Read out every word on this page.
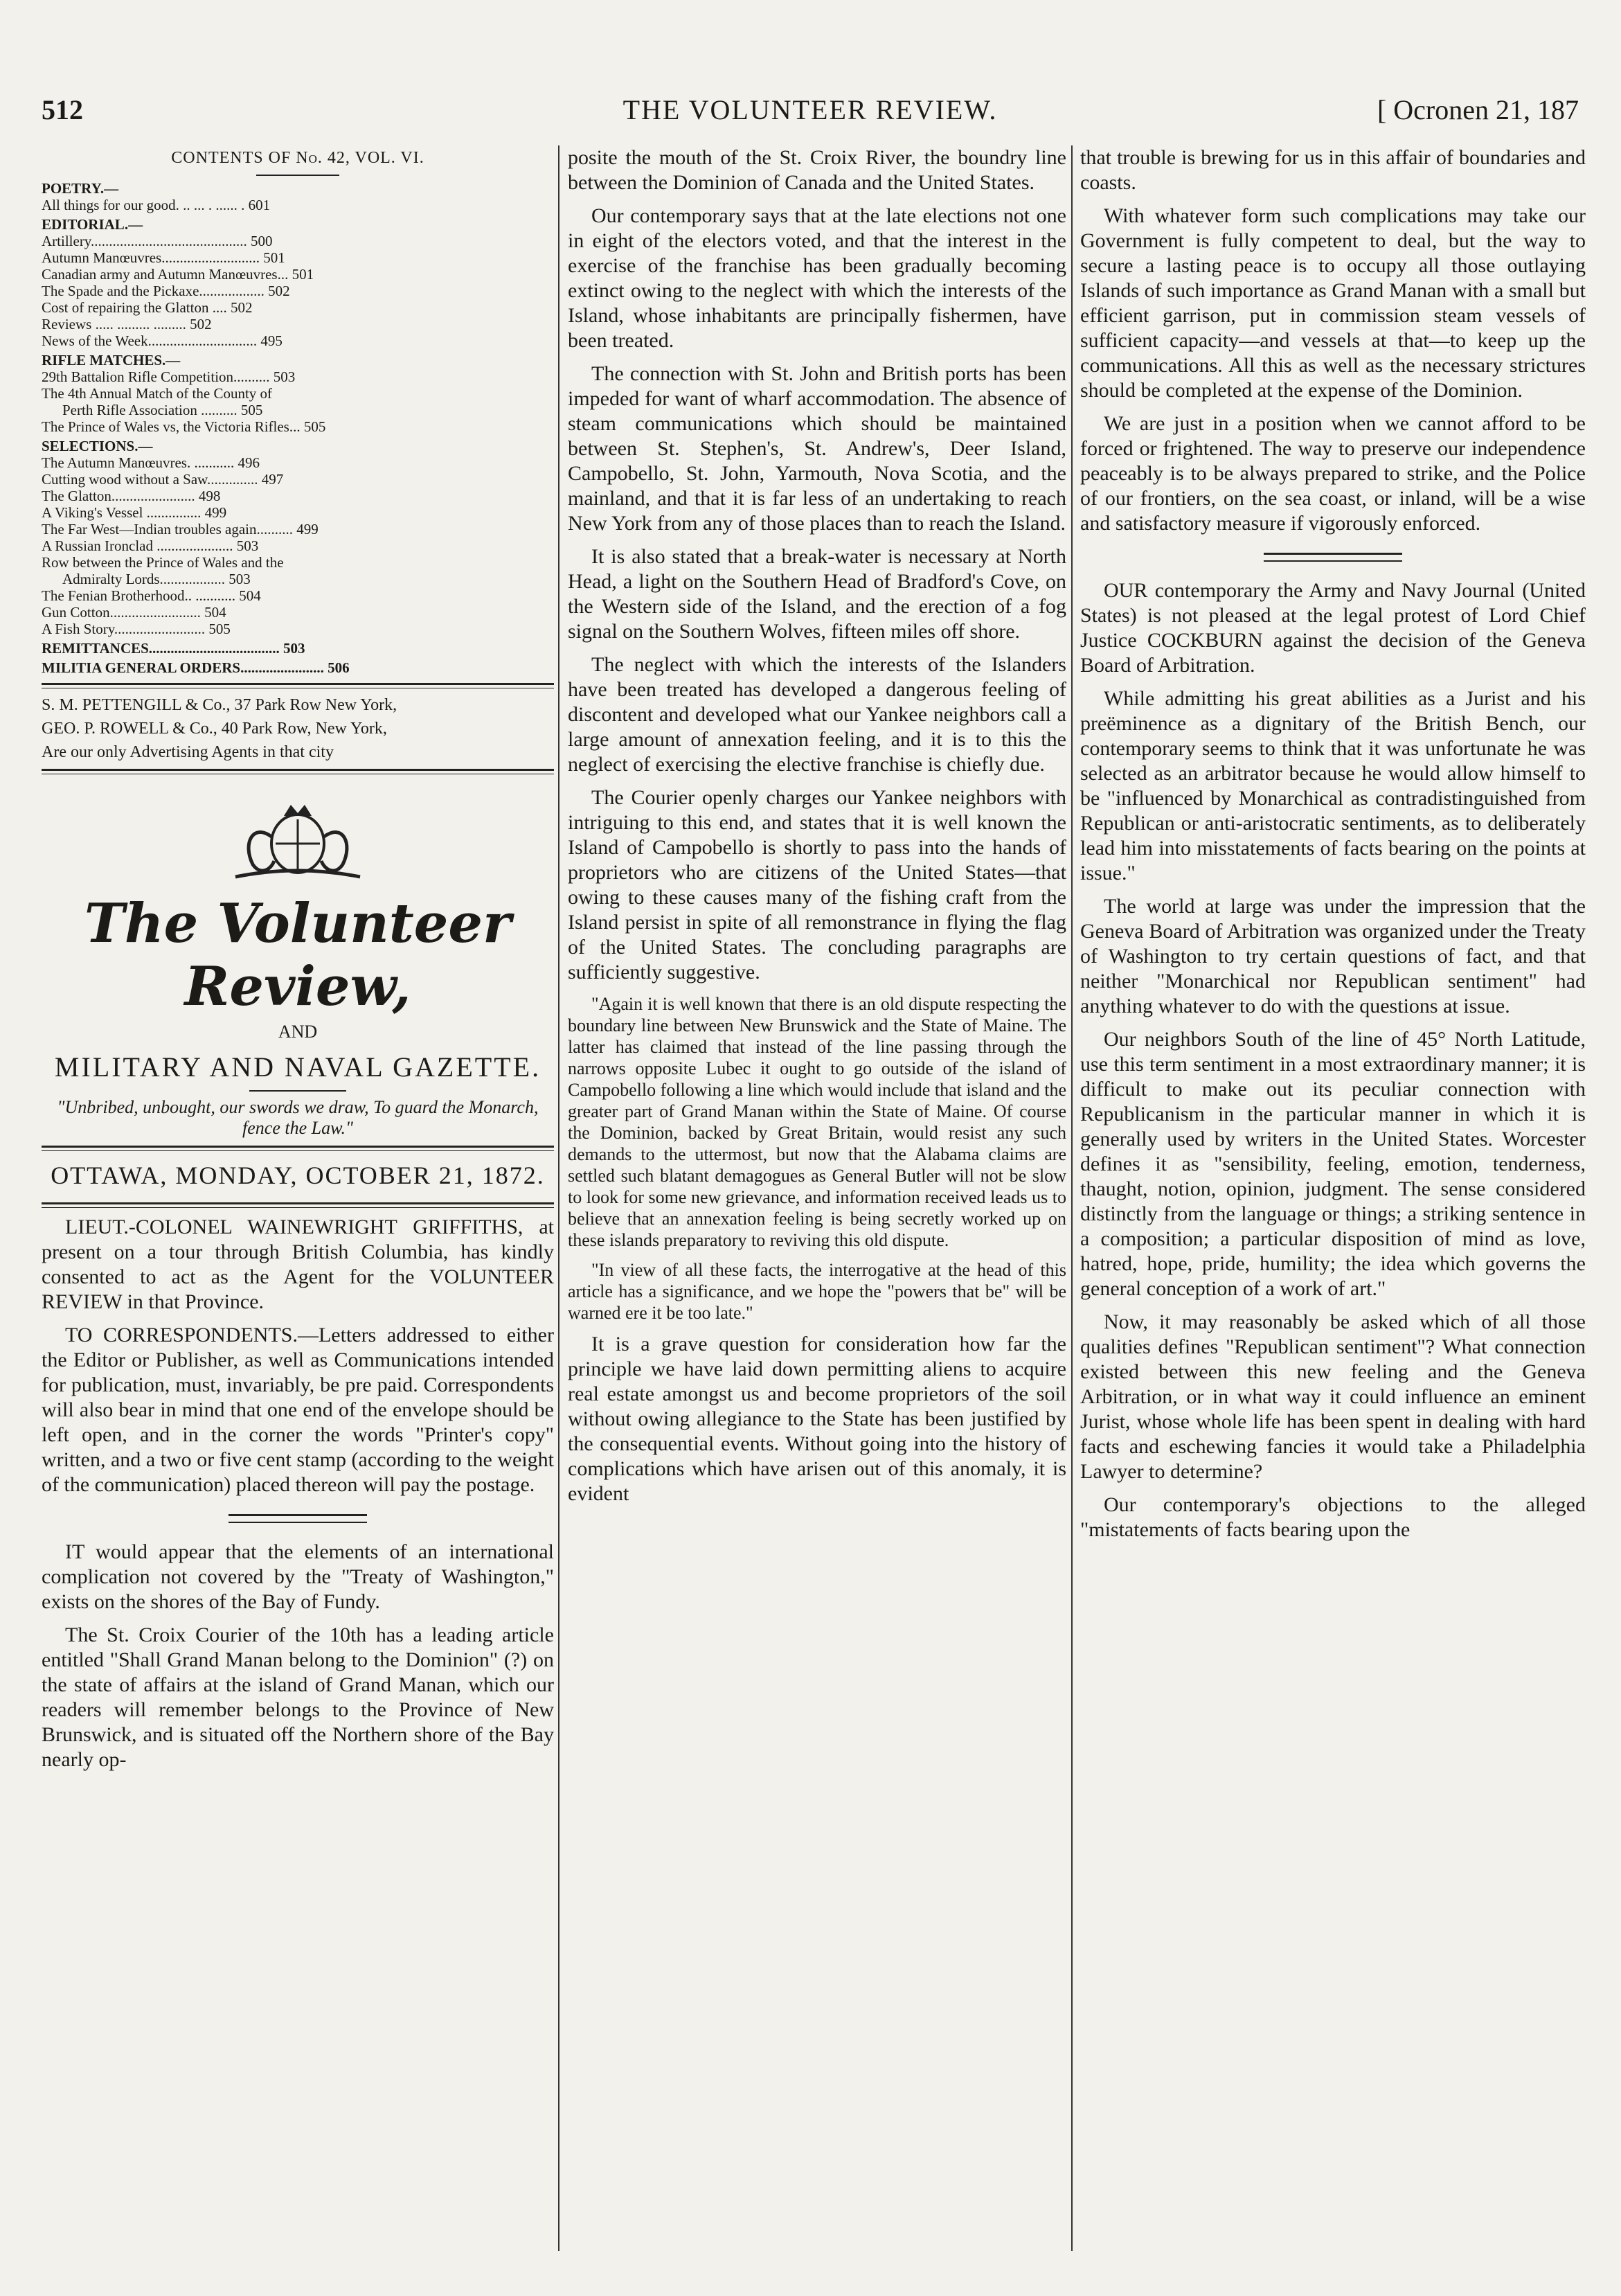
512	THE VOLUNTEER REVIEW.	[ Ocronen 21, 187

CONTENTS OF No. 42, VOL. VI.

POETRY.—

All things for our good. .. ... . ...... . 601

EDITORIAL.—

Artillery........................................... 500

Autumn Manœuvres........................... 501

Canadian army and Autumn Manœuvres... 501

The Spade and the Pickaxe.................. 502

Cost of repairing the Glatton .... 502

Reviews ..... ......... ......... 502

News of the Week.............................. 495

RIFLE MATCHES.—

29th Battalion Rifle Competition.......... 503

The 4th Annual Match of the County of

Perth Rifle Association .......... 505

The Prince of Wales vs, the Victoria Rifles... 505

SELECTIONS.—

The Autumn Manœuvres. ........... 496

Cutting wood without a Saw.............. 497

The Glatton....................... 498

A Viking's Vessel ............... 499

The Far West—Indian troubles again.......... 499

A Russian Ironclad ..................... 503

Row between the Prince of Wales and the

Admiralty Lords.................. 503

The Fenian Brotherhood.. ........... 504

Gun Cotton......................... 504

A Fish Story......................... 505

REMITTANCES.................................... 503

MILITIA GENERAL ORDERS....................... 506

S. M. PETTENGILL & Co., 37 Park Row New York,

GEO. P. ROWELL & Co., 40 Park Row, New York,

Are our only Advertising Agents in that city

The Volunteer Review,

AND

MILITARY AND NAVAL GAZETTE.

"Unbribed, unbought, our swords we draw, To guard the Monarch, fence the Law."

OTTAWA, MONDAY, OCTOBER 21, 1872.

LIEUT.-COLONEL WAINEWRIGHT GRIFFITHS, at present on a tour through British Columbia, has kindly consented to act as the Agent for the VOLUNTEER REVIEW in that Province.

TO CORRESPONDENTS.—Letters addressed to either the Editor or Publisher, as well as Communications intended for publication, must, invariably, be pre paid. Correspondents will also bear in mind that one end of the envelope should be left open, and in the corner the words "Printer's copy" written, and a two or five cent stamp (according to the weight of the communication) placed thereon will pay the postage.

IT would appear that the elements of an international complication not covered by the "Treaty of Washington," exists on the shores of the Bay of Fundy.

The St. Croix Courier of the 10th has a leading article entitled "Shall Grand Manan belong to the Dominion" (?) on the state of affairs at the island of Grand Manan, which our readers will remember belongs to the Province of New Brunswick, and is situated off the Northern shore of the Bay nearly op-

posite the mouth of the St. Croix River, the boundry line between the Dominion of Canada and the United States.

Our contemporary says that at the late elections not one in eight of the electors voted, and that the interest in the exercise of the franchise has been gradually becoming extinct owing to the neglect with which the interests of the Island, whose inhabitants are principally fishermen, have been treated.

The connection with St. John and British ports has been impeded for want of wharf accommodation. The absence of steam communications which should be maintained between St. Stephen's, St. Andrew's, Deer Island, Campobello, St. John, Yarmouth, Nova Scotia, and the mainland, and that it is far less of an undertaking to reach New York from any of those places than to reach the Island.

It is also stated that a break-water is necessary at North Head, a light on the Southern Head of Bradford's Cove, on the Western side of the Island, and the erection of a fog signal on the Southern Wolves, fifteen miles off shore.

The neglect with which the interests of the Islanders have been treated has developed a dangerous feeling of discontent and developed what our Yankee neighbors call a large amount of annexation feeling, and it is to this the neglect of exercising the elective franchise is chiefly due.

The Courier openly charges our Yankee neighbors with intriguing to this end, and states that it is well known the Island of Campobello is shortly to pass into the hands of proprietors who are citizens of the United States—that owing to these causes many of the fishing craft from the Island persist in spite of all remonstrance in flying the flag of the United States. The concluding paragraphs are sufficiently suggestive.

"Again it is well known that there is an old dispute respecting the boundary line between New Brunswick and the State of Maine. The latter has claimed that instead of the line passing through the narrows opposite Lubec it ought to go outside of the island of Campobello following a line which would include that island and the greater part of Grand Manan within the State of Maine. Of course the Dominion, backed by Great Britain, would resist any such demands to the uttermost, but now that the Alabama claims are settled such blatant demagogues as General Butler will not be slow to look for some new grievance, and information received leads us to believe that an annexation feeling is being secretly worked up on these islands preparatory to reviving this old dispute.

"In view of all these facts, the interrogative at the head of this article has a significance, and we hope the "powers that be" will be warned ere it be too late."

It is a grave question for consideration how far the principle we have laid down permitting aliens to acquire real estate amongst us and become proprietors of the soil without owing allegiance to the State has been justified by the consequential events. Without going into the history of complications which have arisen out of this anomaly, it is evident

that trouble is brewing for us in this affair of boundaries and coasts.

With whatever form such complications may take our Government is fully competent to deal, but the way to secure a lasting peace is to occupy all those outlaying Islands of such importance as Grand Manan with a small but efficient garrison, put in commission steam vessels of sufficient capacity—and vessels at that—to keep up the communications. All this as well as the necessary strictures should be completed at the expense of the Dominion.

We are just in a position when we cannot afford to be forced or frightened. The way to preserve our independence peaceably is to be always prepared to strike, and the Police of our frontiers, on the sea coast, or inland, will be a wise and satisfactory measure if vigorously enforced.

OUR contemporary the Army and Navy Journal (United States) is not pleased at the legal protest of Lord Chief Justice COCKBURN against the decision of the Geneva Board of Arbitration.

While admitting his great abilities as a Jurist and his preëminence as a dignitary of the British Bench, our contemporary seems to think that it was unfortunate he was selected as an arbitrator because he would allow himself to be "influenced by Monarchical as contradistinguished from Republican or anti-aristocratic sentiments, as to deliberately lead him into misstatements of facts bearing on the points at issue."

The world at large was under the impression that the Geneva Board of Arbitration was organized under the Treaty of Washington to try certain questions of fact, and that neither "Monarchical nor Republican sentiment" had anything whatever to do with the questions at issue.

Our neighbors South of the line of 45° North Latitude, use this term sentiment in a most extraordinary manner; it is difficult to make out its peculiar connection with Republicanism in the particular manner in which it is generally used by writers in the United States. Worcester defines it as "sensibility, feeling, emotion, tenderness, thaught, notion, opinion, judgment. The sense considered distinctly from the language or things; a striking sentence in a composition; a particular disposition of mind as love, hatred, hope, pride, humility; the idea which governs the general conception of a work of art."

Now, it may reasonably be asked which of all those qualities defines "Republican sentiment"? What connection existed between this new feeling and the Geneva Arbitration, or in what way it could influence an eminent Jurist, whose whole life has been spent in dealing with hard facts and eschewing fancies it would take a Philadelphia Lawyer to determine?

Our contemporary's objections to the alleged "mistatements of facts bearing upon the
